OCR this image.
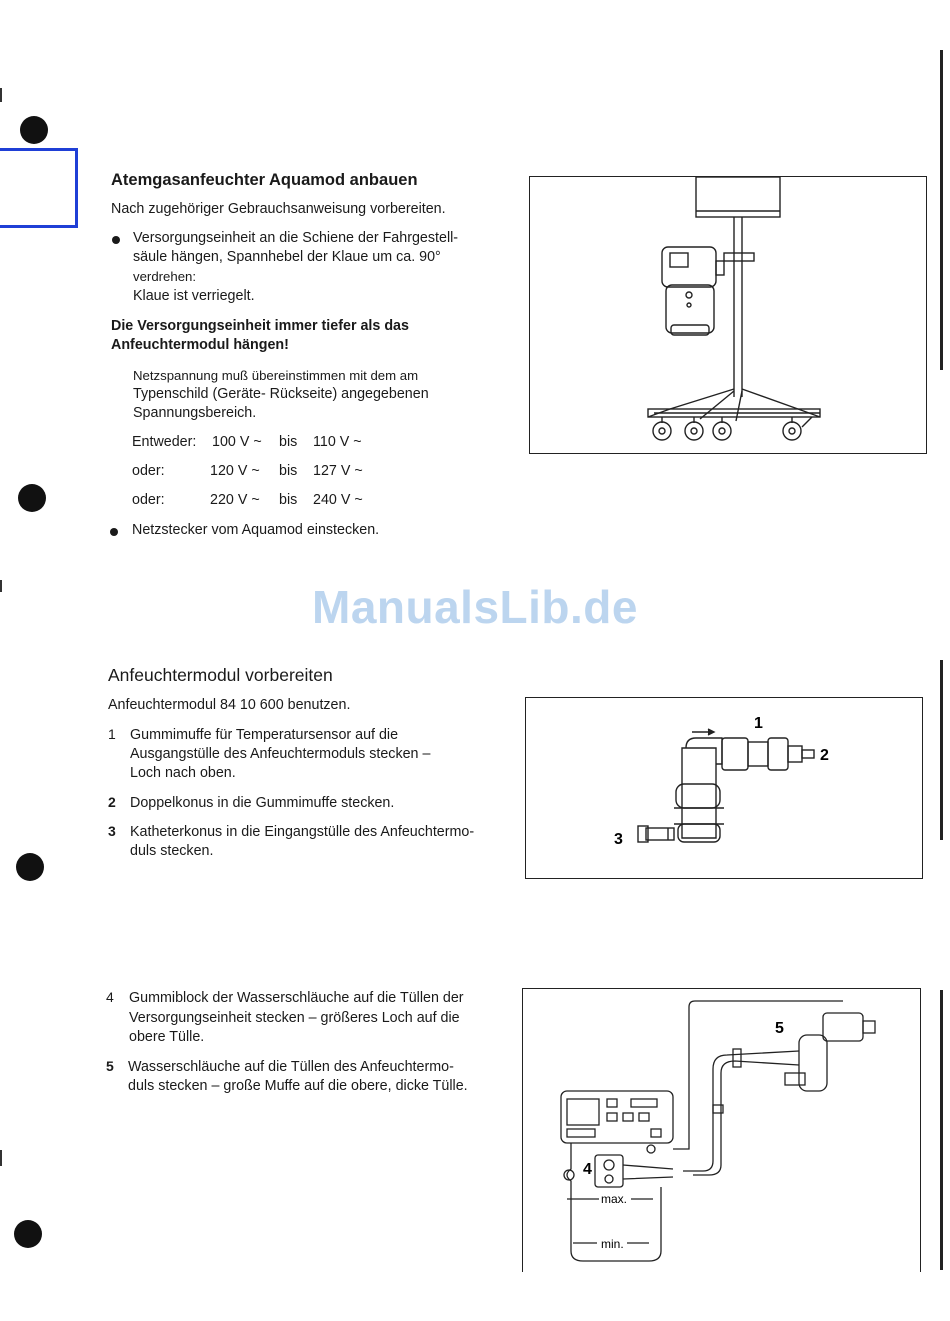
Atemgasanfeuchter Aquamod anbauen

Nach zugehöriger Gebrauchsanweisung vorbereiten.

Versorgungseinheit an die Schiene der Fahrgestell-

säule hängen, Spannhebel der Klaue um ca. 90°

verdrehen:

Klaue ist verriegelt.

Die Versorgungseinheit immer tiefer als das

Anfeuchtermodul hängen!

Netzspannung muß übereinstimmen mit dem am

Typenschild (Geräte- Rückseite) angegebenen

Spannungsbereich.

Entweder: 100 V ~ bis 110 V ~
oder:	120 V ~ bis 127 V ~
oder:	220 V ~ bis 240 V ~

Netzstecker vom Aquamod einstecken.

ManualsLib.de
Anfeuchtermodul vorbereiten

Anfeuchtermodul 84 10 600 benutzen.

1 Gummimuffe für Temperatursensor auf die

Ausgangstülle des Anfeuchtermoduls stecken –

Loch nach oben.

2 Doppelkonus in die Gummimuffe stecken.

3 Katheterkonus in die Eingangstülle des Anfeuchtermo-

duls stecken.

1
2
3
4 Gummiblock der Wasserschläuche auf die Tüllen der

Versorgungseinheit stecken – größeres Loch auf die

obere Tülle.

5 Wasserschläuche auf die Tüllen des Anfeuchtermo-

duls stecken – große Muffe auf die obere, dicke Tülle.

4
5
max.
min.
